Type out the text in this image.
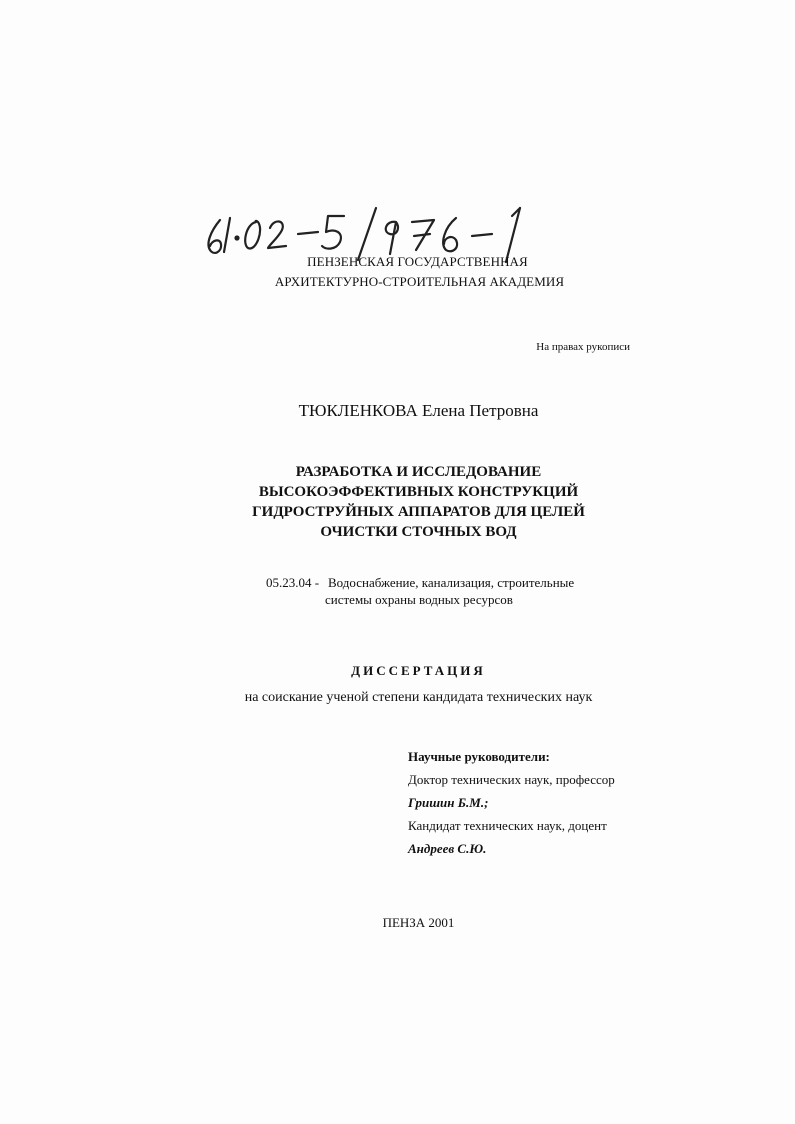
ПЕНЗЕНСКАЯ ГОСУДАРСТВЕННАЯ
АРХИТЕКТУРНО-СТРОИТЕЛЬНАЯ АКАДЕМИЯ
На правах рукописи
ТЮКЛЕНКОВА Елена Петровна
РАЗРАБОТКА И ИССЛЕДОВАНИЕ
ВЫСОКОЭФФЕКТИВНЫХ КОНСТРУКЦИЙ
ГИДРОСТРУЙНЫХ АППАРАТОВ ДЛЯ ЦЕЛЕЙ
ОЧИСТКИ СТОЧНЫХ ВОД
05.23.04 - Водоснабжение, канализация, строительные
системы охраны водных ресурсов
ДИССЕРТАЦИЯ
на соискание ученой степени кандидата технических наук
Научные руководители:
Доктор технических наук, профессор
Гришин Б.М.;
Кандидат технических наук, доцент
Андреев С.Ю.
ПЕНЗА 2001
